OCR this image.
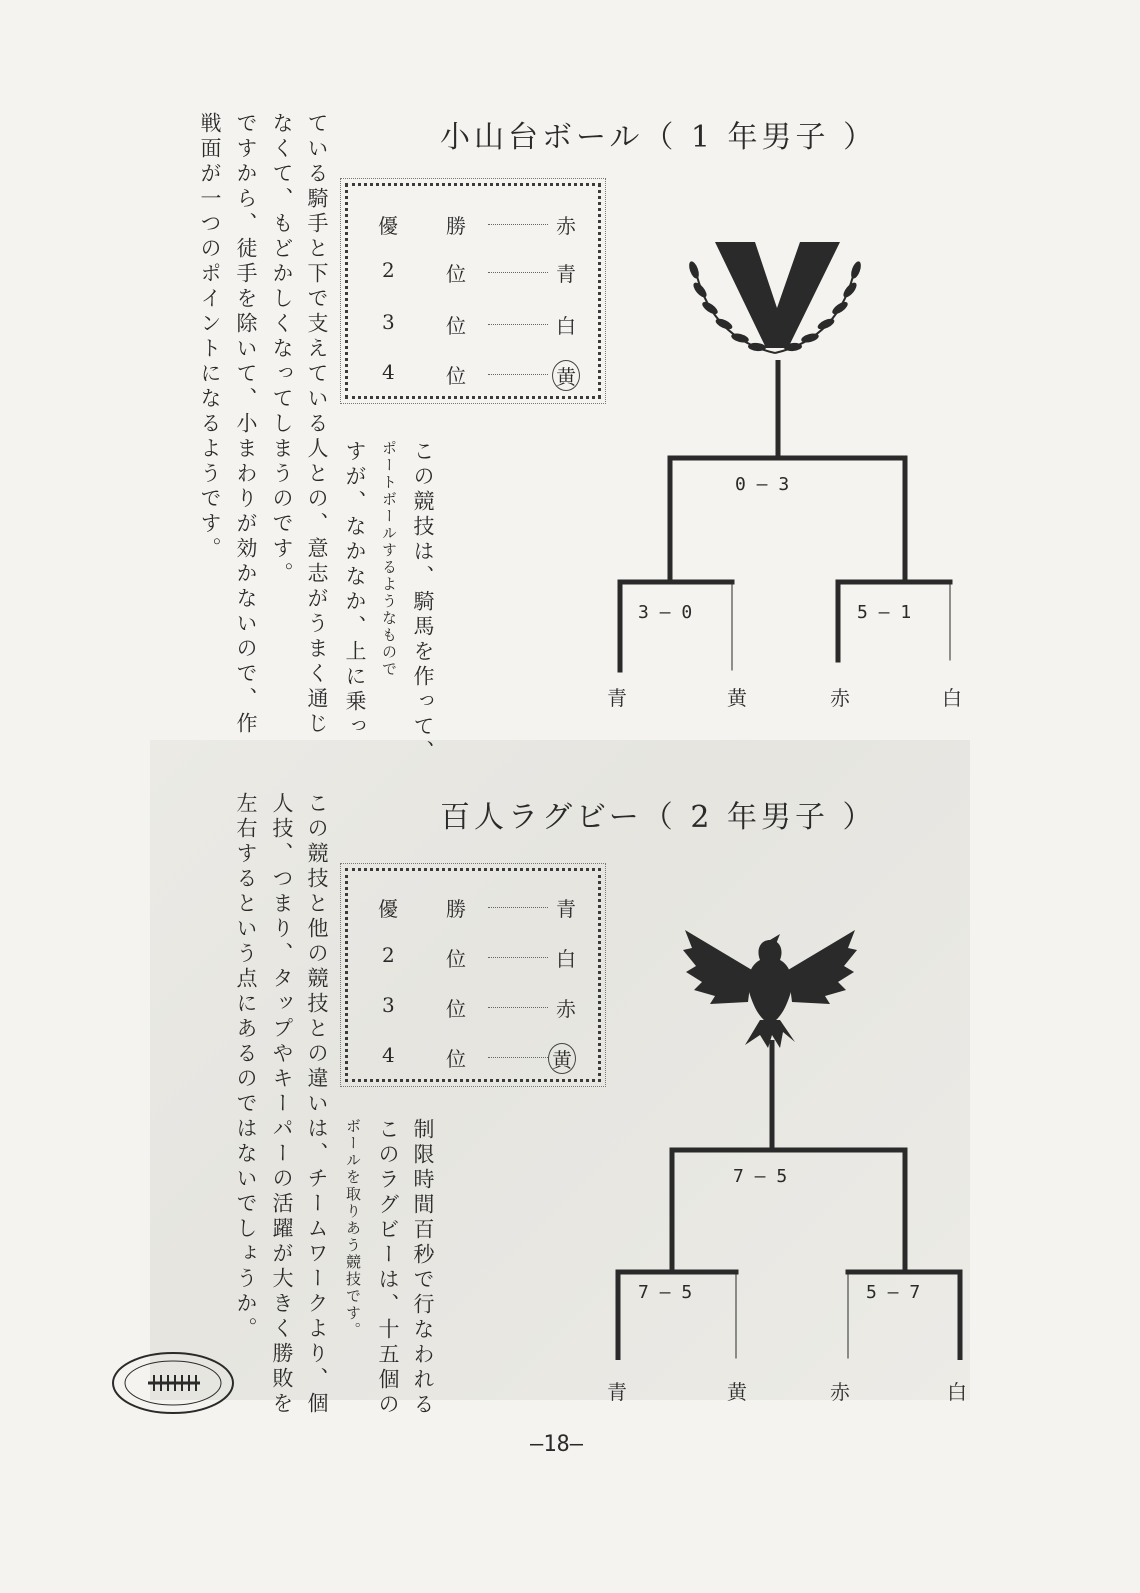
小山台ボール（ 1 年男子 ）
優 勝	赤
2	位	青
3	位	白
4	位	黄
この競技は、騎馬を作って、
ポートボールするようなもので
すが、なかなか、上に乗っ
ている騎手と下で支えている人との、意志がうまく通じ
なくて、もどかしくなってしまうのです。
ですから、徒手を除いて、小まわりが効かないので、作
戦面が一つのポイントになるようです。	0 — 3
3 — 0	5 — 1
青	黄	赤	白
百人ラグビー（ 2 年男子 ）
優 勝	青
2	位	白
3	位	赤
4	位	黄
制限時間百秒で行なわれる
このラグビーは、十五個の
ボールを取りあう競技です。
この競技と他の競技との違いは、チームワークより、個
人技、つまり、タップやキーパーの活躍が大きく勝敗を
左右するという点にあるのではないでしょうか。	7 — 5
7 — 5	5 — 7
青	黄	赤	白
—18—
